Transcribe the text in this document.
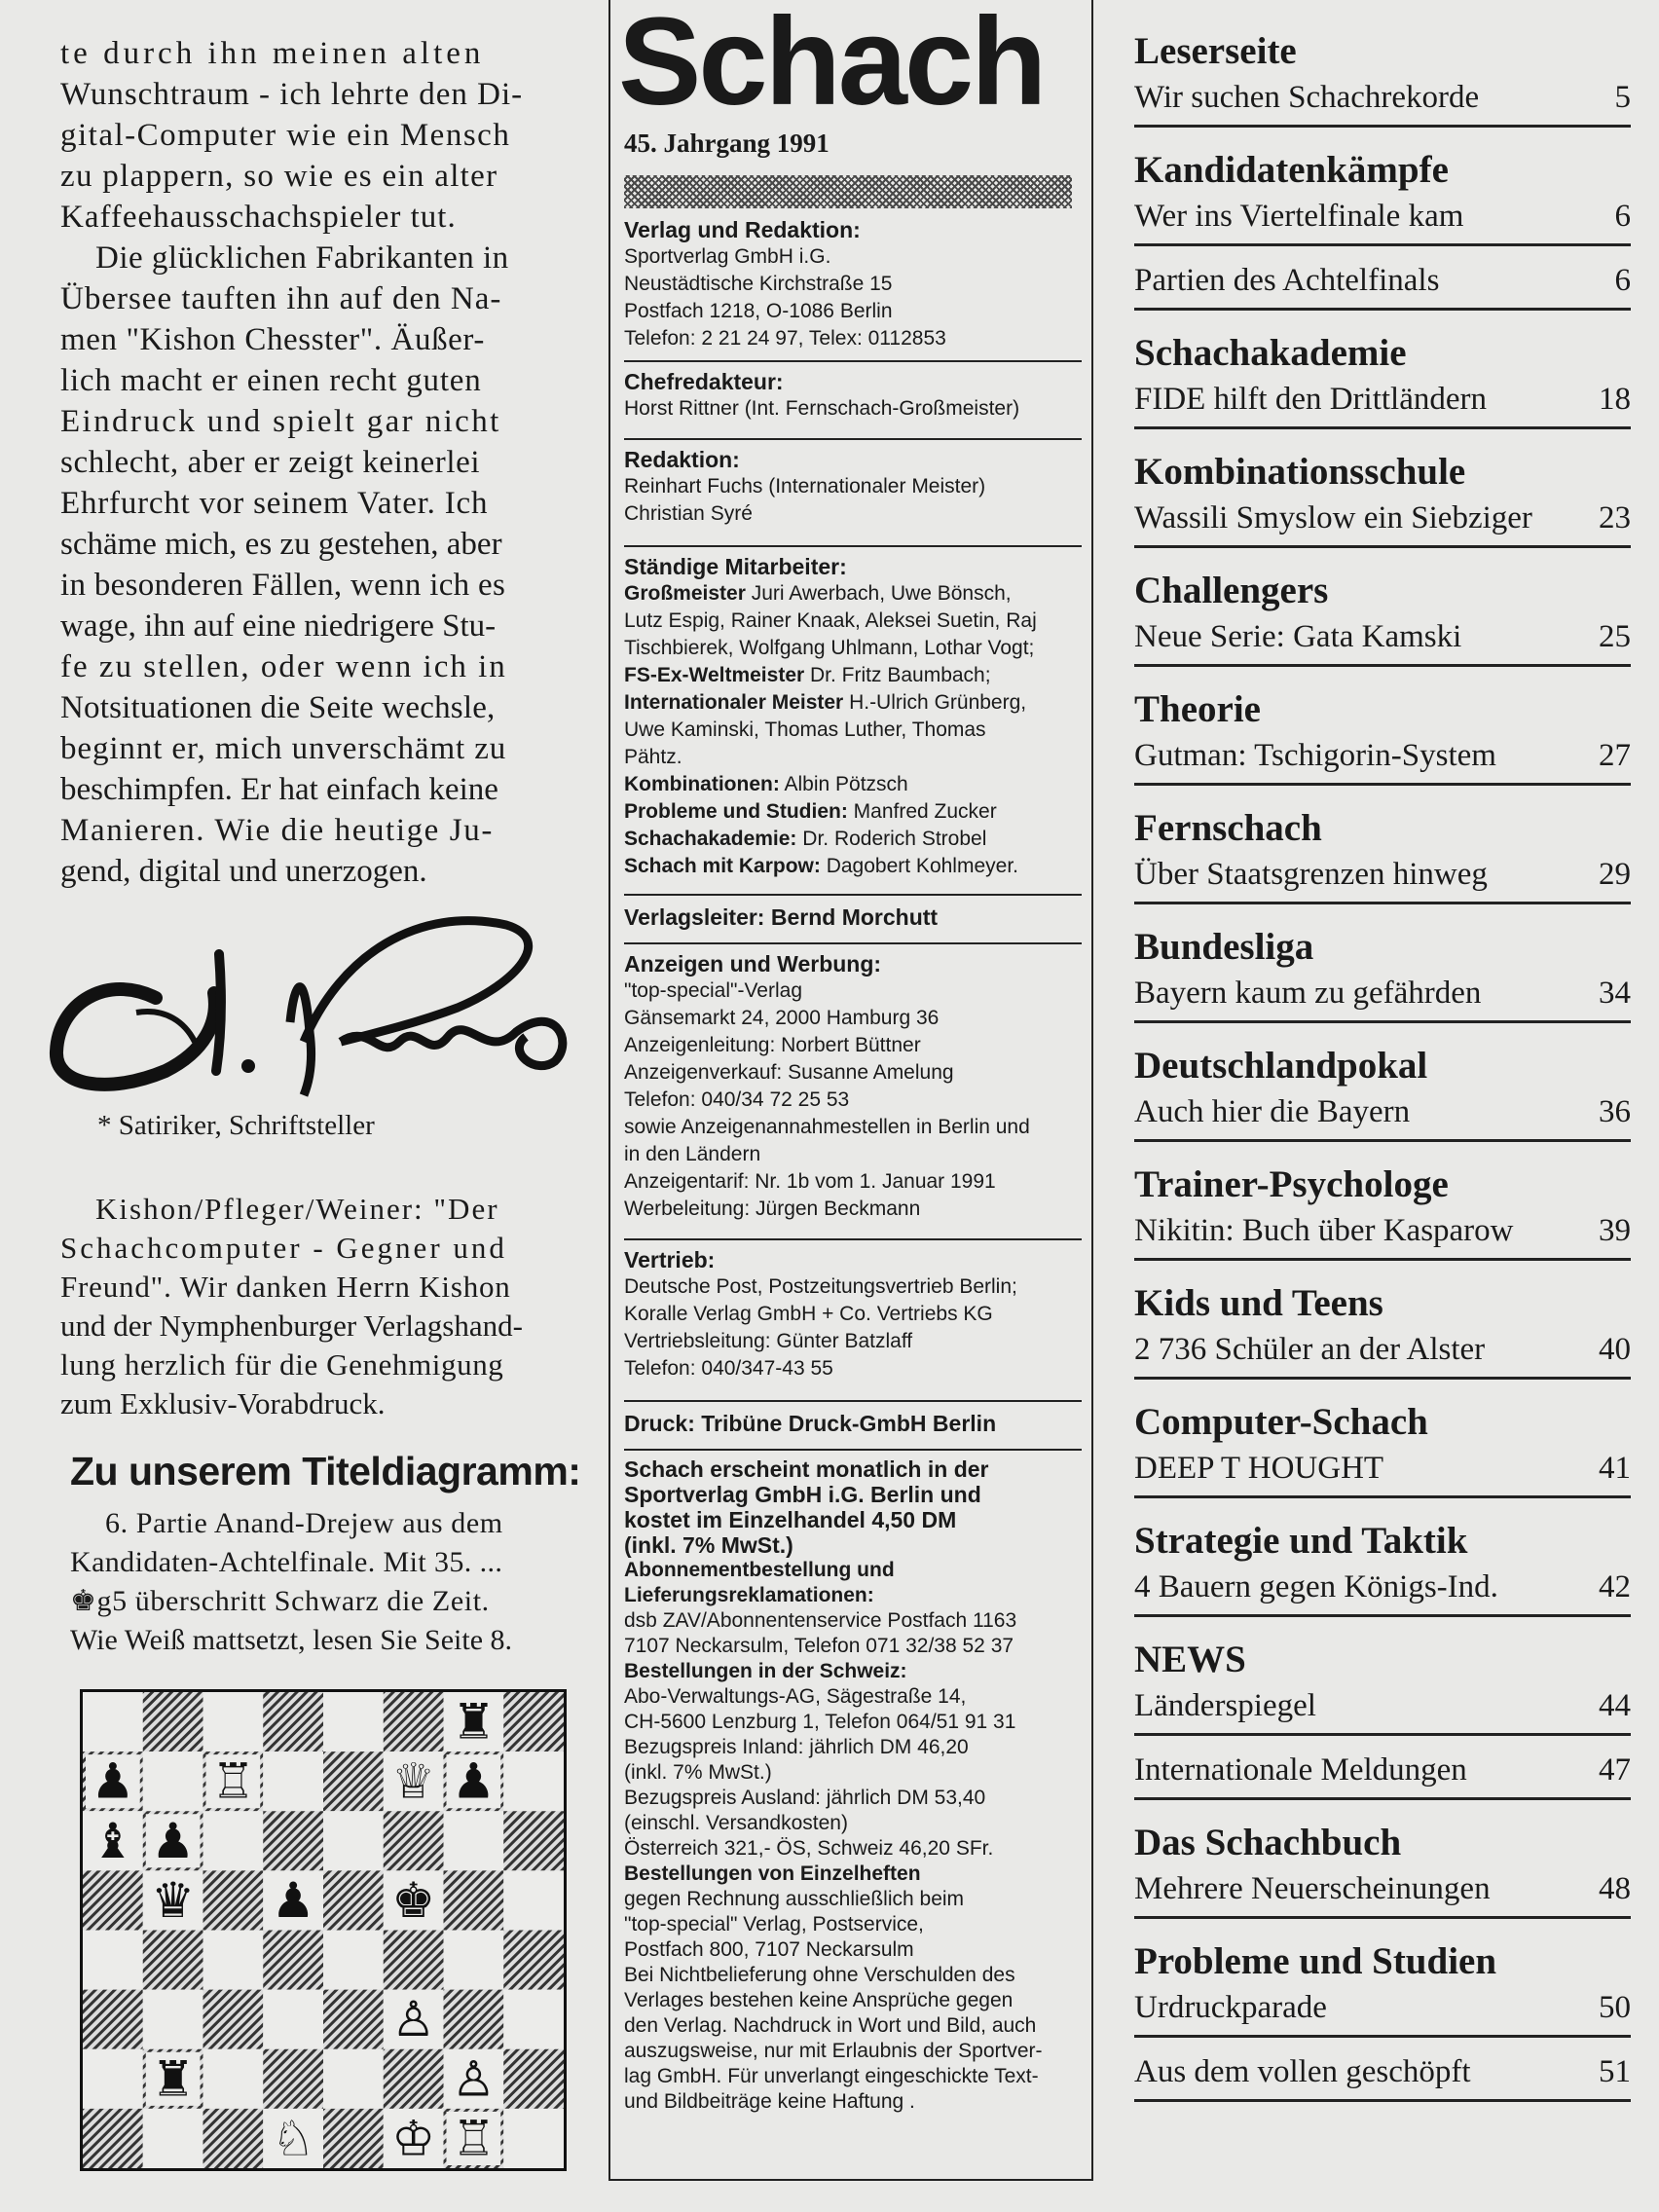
te durch ihn meinen alten
Wunschtraum - ich lehrte den Di-
gital-Computer wie ein Mensch
zu plappern, so wie es ein alter
Kaffeehausschachspieler tut.

Die glücklichen Fabrikanten in
Übersee tauften ihn auf den Na-
men "Kishon Chesster". Äußer-
lich macht er einen recht guten
Eindruck und spielt gar nicht
schlecht, aber er zeigt keinerlei
Ehrfurcht vor seinem Vater. Ich
schäme mich, es zu gestehen, aber
in besonderen Fällen, wenn ich es
wage, ihn auf eine niedrigere Stu-
fe zu stellen, oder wenn ich in
Notsituationen die Seite wechsle,
beginnt er, mich unverschämt zu
beschimpfen. Er hat einfach keine
Manieren. Wie die heutige Ju-
gend, digital und unerzogen.

* Satiriker, Schriftsteller
Kishon/Pfleger/Weiner: "Der
Schachcomputer - Gegner und
Freund". Wir danken Herrn Kishon
und der Nymphenburger Verlagshand-
lung herzlich für die Genehmigung
zum Exklusiv-Vorabdruck.
Zu unserem Titeldiagramm:
6. Partie Anand-Drejew aus dem
Kandidaten-Achtelfinale. Mit 35. ...
♚g5 überschritt Schwarz die Zeit.
Wie Weiß mattsetzt, lesen Sie Seite 8.
♜
♟ ♖	♕ ♟
♝ ♟
♛ ♟ ♚
♙
♜	♙
♘ ♔ ♖
Schach
45. Jahrgang 1991
Verlag und Redaktion:
Sportverlag GmbH i.G.
Neustädtische Kirchstraße 15
Postfach 1218, O-1086 Berlin
Telefon: 2 21 24 97, Telex: 0112853
Chefredakteur:
Horst Rittner (Int. Fernschach-Großmeister)
Redaktion:
Reinhart Fuchs (Internationaler Meister)
Christian Syré
Ständige Mitarbeiter:
Großmeister Juri Awerbach, Uwe Bönsch,
Lutz Espig, Rainer Knaak, Aleksei Suetin, Raj
Tischbierek, Wolfgang Uhlmann, Lothar Vogt;
FS-Ex-Weltmeister Dr. Fritz Baumbach;
Internationaler Meister H.-Ulrich Grünberg,
Uwe Kaminski, Thomas Luther, Thomas
Pähtz.
Kombinationen: Albin Pötzsch
Probleme und Studien: Manfred Zucker
Schachakademie: Dr. Roderich Strobel
Schach mit Karpow: Dagobert Kohlmeyer.
Verlagsleiter: Bernd Morchutt
Anzeigen und Werbung:
"top-special"-Verlag
Gänsemarkt 24, 2000 Hamburg 36
Anzeigenleitung: Norbert Büttner
Anzeigenverkauf: Susanne Amelung
Telefon: 040/34 72 25 53
sowie Anzeigenannahmestellen in Berlin und
in den Ländern
Anzeigentarif: Nr. 1b vom 1. Januar 1991
Werbeleitung: Jürgen Beckmann
Vertrieb:
Deutsche Post, Postzeitungsvertrieb Berlin;
Koralle Verlag GmbH + Co. Vertriebs KG
Vertriebsleitung: Günter Batzlaff
Telefon: 040/347-43 55
Druck: Tribüne Druck-GmbH Berlin
Schach erscheint monatlich in der
Sportverlag GmbH i.G. Berlin und
kostet im Einzelhandel 4,50 DM
(inkl. 7% MwSt.)
Abonnementbestellung und
Lieferungsreklamationen:
dsb ZAV/Abonnentenservice Postfach 1163
7107 Neckarsulm, Telefon 071 32/38 52 37
Bestellungen in der Schweiz:
Abo-Verwaltungs-AG, Sägestraße 14,
CH-5600 Lenzburg 1, Telefon 064/51 91 31
Bezugspreis Inland: jährlich DM 46,20
(inkl. 7% MwSt.)
Bezugspreis Ausland: jährlich DM 53,40
(einschl. Versandkosten)
Österreich 321,- ÖS, Schweiz 46,20 SFr.
Bestellungen von Einzelheften
gegen Rechnung ausschließlich beim
"top-special" Verlag, Postservice,
Postfach 800, 7107 Neckarsulm
Bei Nichtbelieferung ohne Verschulden des
Verlages bestehen keine Ansprüche gegen
den Verlag. Nachdruck in Wort und Bild, auch
auszugsweise, nur mit Erlaubnis der Sportver-
lag GmbH. Für unverlangt eingeschickte Text-
und Bildbeiträge keine Haftung .
Leserseite
Wir suchen Schachrekorde	5
Kandidatenkämpfe
Wer ins Viertelfinale kam	6
Partien des Achtelfinals	6
Schachakademie
FIDE hilft den Drittländern	18
Kombinationsschule
Wassili Smyslow ein Siebziger 23
Challengers
Neue Serie: Gata Kamski	25
Theorie
Gutman: Tschigorin-System	27
Fernschach
Über Staatsgrenzen hinweg	29
Bundesliga
Bayern kaum zu gefährden	34
Deutschlandpokal
Auch hier die Bayern	36
Trainer-Psychologe
Nikitin: Buch über Kasparow	39
Kids und Teens
2 736 Schüler an der Alster	40
Computer-Schach
DEEP T HOUGHT	41
Strategie und Taktik
4 Bauern gegen Königs-Ind.	42
NEWS
Länderspiegel	44
Internationale Meldungen	47
Das Schachbuch
Mehrere Neuerscheinungen	48
Probleme und Studien
Urdruckparade	50
Aus dem vollen geschöpft	51
